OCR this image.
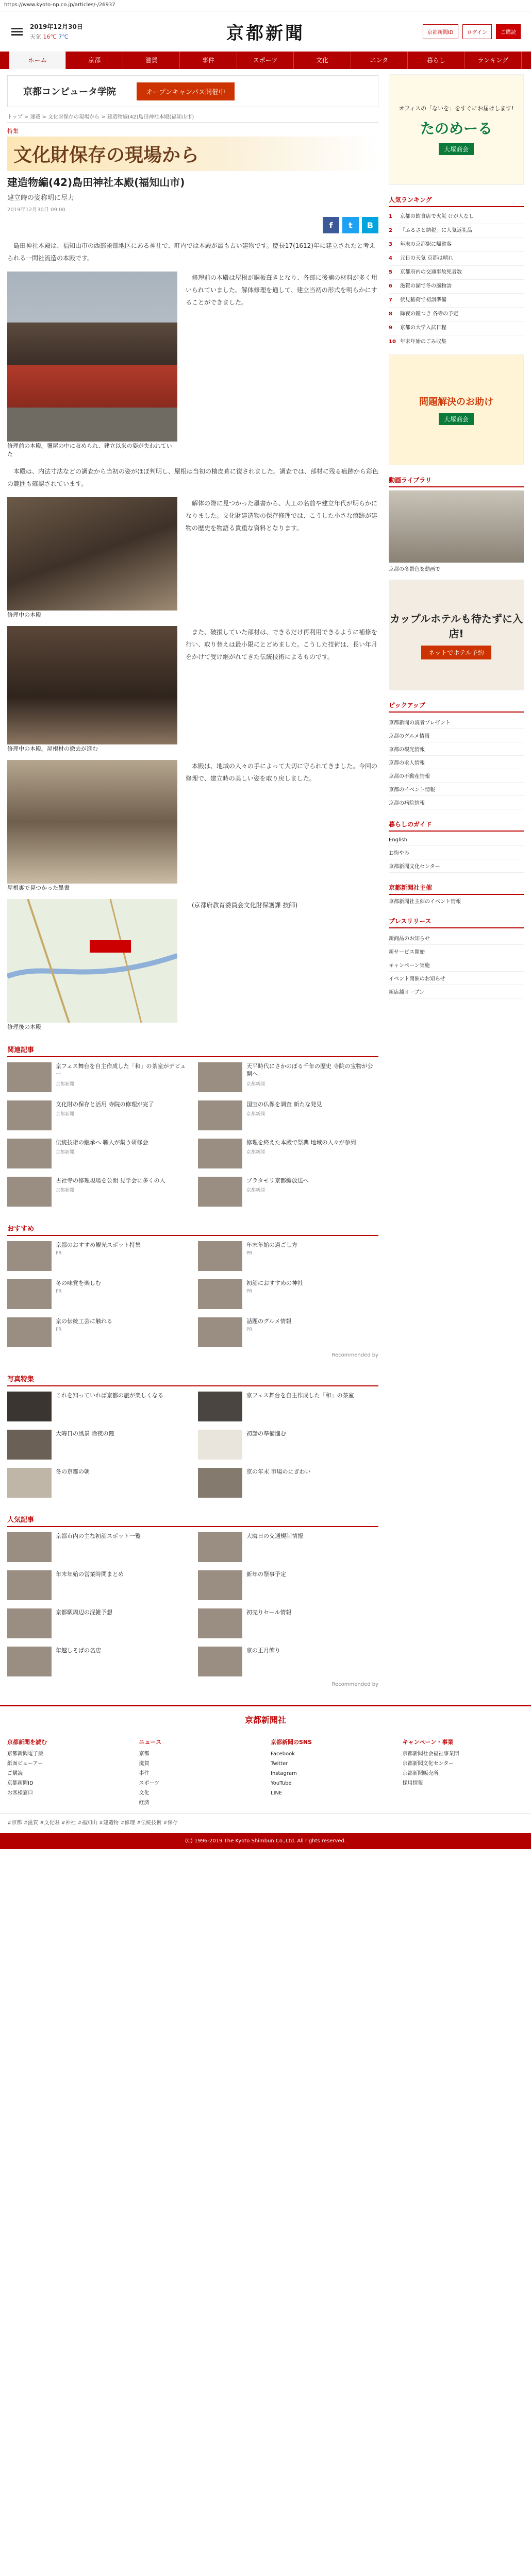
https://www.kyoto-np.co.jp/articles/-/26937
2019年12月30日
天気 16℃ 7℃	京都新聞	京都新聞ID	ログイン	ご購読
ホーム	京都	滋賀	事件	スポーツ	文化	エンタ	暮らし	ランキング
京都コンピュータ学院	オープンキャンパス開催中
トップ > 連載 > 文化財保存の現場から > 建造物編(42)島田神社本殿(福知山市)
特集
文化財保存の現場から
建造物編(42)島田神社本殿(福知山市)
建立時の姿称明に尽力
2019年12月30日 09:00
f	t	B

島田神社本殿は、福知山市の西部雀部地区にある神社で、町内では本殿が最も古い建物です。慶長17(1612)年に建立されたと考えられる一間社流造の本殿です。

修理前の本殿。覆屋の中に収められ、建立以来の姿が失われていた

修理前の本殿は屋根が銅板葺きとなり、各部に後補の材料が多く用いられていました。解体修理を通して、建立当初の形式を明らかにすることができました。

本殿は、内法寸法などの調査から当初の姿がほぼ判明し、屋根は当初の檜皮葺に復されました。調査では、部材に残る痕跡から彩色の範囲も確認されています。

修理中の本殿

解体の際に見つかった墨書から、大工の名前や建立年代が明らかになりました。文化財建造物の保存修理では、こうした小さな痕跡が建物の歴史を物語る貴重な資料となります。

修理中の本殿。屋根材の撤去が進む

また、破損していた部材は、できるだけ再利用できるように補修を行い、取り替えは最小限にとどめました。こうした技術は、長い年月をかけて受け継がれてきた伝統技術によるものです。

屋根裏で見つかった墨書

本殿は、地域の人々の手によって大切に守られてきました。今回の修理で、建立時の美しい姿を取り戻しました。

修理後の本殿

(京都府教育委員会文化財保護課 技師)

関連記事
京フェス舞台を自主作成した「和」の茶室がデビュー
京都新聞
天平時代にさかのぼる千年の歴史 寺院の宝物が公開へ
京都新聞
文化財の保存と活用 寺院の修理が完了
京都新聞
国宝の仏像を調査 新たな発見
京都新聞
伝統技術の継承へ 職人が集う研修会
京都新聞
修理を終えた本殿で祭典 地域の人々が参列
京都新聞
古社寺の修理現場を公開 見学会に多くの人
京都新聞
ブラタモリ京都編放送へ
京都新聞
おすすめ
京都のおすすめ観光スポット特集
PR
年末年始の過ごし方
PR
冬の味覚を楽しむ
PR
初詣におすすめの神社
PR
京の伝統工芸に触れる
PR
話題のグルメ情報
PR
Recommended by
写真特集
これを知っていれば京都の旅が楽しくなる	京フェス舞台を自主作成した「和」の茶室
大晦日の風景 除夜の鐘	初詣の準備進む
冬の京都の朝	京の年末 市場のにぎわい
人気記事
京都市内の主な初詣スポット一覧	大晦日の交通規制情報
年末年始の営業時間まとめ	新年の祭事予定
京都駅周辺の混雑予想	初売りセール情報
年越しそばの名店	京の正月飾り
Recommended by
オフィスの「ないを」をすぐにお届けします!
たのめーる
大塚商会
人気ランキング
1	京都の飲食店で火災 けが人なし
2	「ふるさと納税」に人気返礼品
3	年末の京都駅に帰省客
4	元日の天気 京都は晴れ
5	京都府内の交通事故死者数
6	滋賀の湖で冬の風物詩
7	伏見稲荷で初詣準備
8	除夜の鐘つき 各寺の予定
9	京都の大学入試日程
10 年末年始のごみ収集
問題解決のお助け
大塚商会
動画ライブラリ
京都の冬景色を動画で
カップルホテルも待たずに入店!
ネットでホテル予約
ピックアップ
京都新聞の読者プレゼント
京都のグルメ情報
京都の観光情報
京都の求人情報
京都の不動産情報
京都のイベント情報
京都の病院情報
暮らしのガイド
English
お悔やみ
京都新聞文化センター
京都新聞社主催
京都新聞社主催のイベント情報
プレスリリース
新商品のお知らせ
新サービス開始
キャンペーン実施
イベント開催のお知らせ
新店舗オープン
京都新聞社
京都新聞を読む
京都新聞電子版
紙面ビューアー
ご購読
京都新聞ID
お客様窓口
ニュース
京都
滋賀
事件
スポーツ
文化
経済
京都新聞のSNS
Facebook
Twitter
Instagram
YouTube
LINE
キャンペーン・事業
京都新聞社会福祉事業団
京都新聞文化センター
京都新聞販売所
採用情報
#京都 #滋賀 #文化財 #神社 #福知山 #建造物 #修理 #伝統技術 #保存
(C) 1996-2019 The Kyoto Shimbun Co.,Ltd. All rights reserved.
